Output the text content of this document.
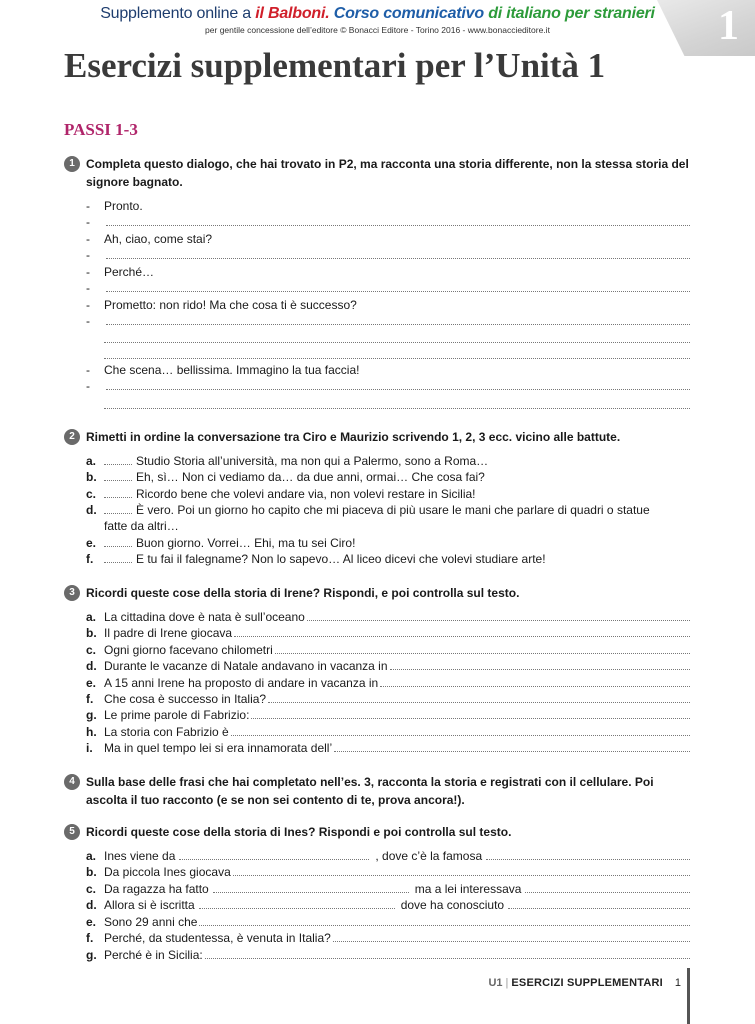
Supplemento online a il Balboni. Corso comunicativo di italiano per stranieri
per gentile concessione dell’editore © Bonacci Editore - Torino 2016 - www.bonaccieditore.it	1
Esercizi supplementari per l’Unità 1
PASSI 1-3
1 Completa questo dialogo, che hai trovato in P2, ma racconta una storia differente, non la stessa storia del signore bagnato.
-	Pronto.
-
-	Ah, ciao, come stai?
-
-	Perché…
-
-	Prometto: non rido! Ma che cosa ti è successo?
-
-	Che scena… bellissima. Immagino la tua faccia!
-
2 Rimetti in ordine la conversazione tra Ciro e Maurizio scrivendo 1, 2, 3 ecc. vicino alle battute.
a.	Studio Storia all’università, ma non qui a Palermo, sono a Roma…
b.	Eh, sì… Non ci vediamo da… da due anni, ormai… Che cosa fai?
c.	Ricordo bene che volevi andare via, non volevi restare in Sicilia!
d.	È vero. Poi un giorno ho capito che mi piaceva di più usare le mani che parlare di quadri o statue
fatte da altri…
e.	Buon giorno. Vorrei… Ehi, ma tu sei Ciro!
f.	E tu fai il falegname? Non lo sapevo… Al liceo dicevi che volevi studiare arte!
3 Ricordi queste cose della storia di Irene? Rispondi, e poi controlla sul testo.
a. La cittadina dove è nata è sull’oceano
b. Il padre di Irene giocava
c. Ogni giorno facevano chilometri
d. Durante le vacanze di Natale andavano in vacanza in
e. A 15 anni Irene ha proposto di andare in vacanza in
f. Che cosa è successo in Italia?
g. Le prime parole di Fabrizio:
h. La storia con Fabrizio è
i. Ma in quel tempo lei si era innamorata dell’
4 Sulla base delle frasi che hai completato nell’es. 3, racconta la storia e registrati con il cellulare. Poi ascolta il tuo racconto (e se non sei contento di te, prova ancora!).
5 Ricordi queste cose della storia di Ines? Rispondi e poi controlla sul testo.
a. Ines viene da	, dove c’è la famosa
b. Da piccola Ines giocava
c. Da ragazza ha fatto	ma a lei interessava
d. Allora si è iscritta	dove ha conosciuto
e. Sono 29 anni che
f. Perché, da studentessa, è venuta in Italia?
g. Perché è in Sicilia:
U1 | ESERCIZI SUPPLEMENTARI 1
